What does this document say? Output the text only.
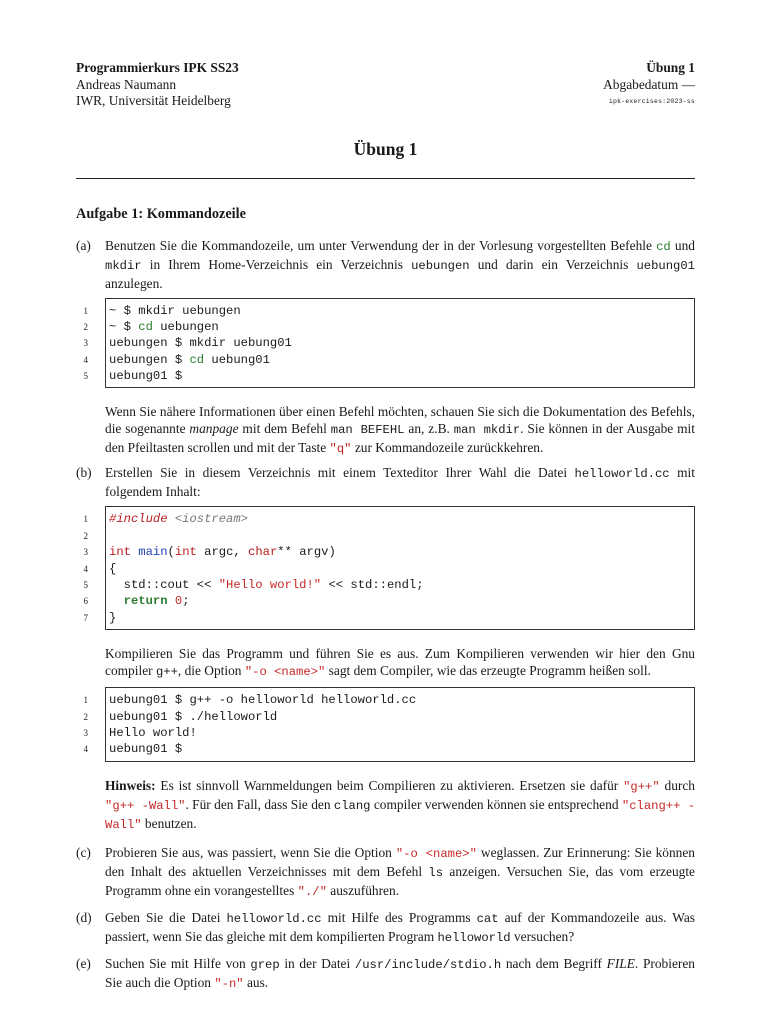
Programmierkurs IPK SS23
Andreas Naumann
IWR, Universität Heidelberg
Übung 1
Abgabedatum —
ipk-exercises:2023-ss
Übung 1
Aufgabe 1: Kommandozeile
(a)	Benutzen Sie die Kommandozeile, um unter Verwendung der in der Vorlesung vorgestellten Befehle cd und mkdir in Ihrem Home-Verzeichnis ein Verzeichnis uebungen und darin ein Verzeichnis uebung01 anzulegen.
1 ~ $ mkdir uebungen
2 ~ $ cd uebungen
3 uebungen $ mkdir uebung01
4 uebungen $ cd uebung01
5 uebung01 $
Wenn Sie nähere Informationen über einen Befehl möchten, schauen Sie sich die Dokumentation des Befehls, die sogenannte manpage mit dem Befehl man BEFEHL an, z.B. man mkdir. Sie können in der Ausgabe mit den Pfeiltasten scrollen und mit der Taste "q" zur Kommandozeile zurückkehren.
(b) Erstellen Sie in diesem Verzeichnis mit einem Texteditor Ihrer Wahl die Datei helloworld.cc mit folgendem Inhalt:
1 #include <iostream>
2
3 int main(int argc, char** argv)
4 {
5 std::cout << "Hello world!" << std::endl;
6	return 0;
7 }
Kompilieren Sie das Programm und führen Sie es aus. Zum Kompilieren verwenden wir hier den Gnu compiler g++, die Option "-o <name>" sagt dem Compiler, wie das erzeugte Programm heißen soll.
1 uebung01 $ g++ -o helloworld helloworld.cc
2 uebung01 $ ./helloworld
3 Hello world!
4 uebung01 $
Hinweis: Es ist sinnvoll Warnmeldungen beim Compilieren zu aktivieren. Ersetzen sie dafür "g++" durch "g++ -Wall". Für den Fall, dass Sie den clang compiler verwenden können sie entsprechend "clang++ -Wall" benutzen.
(c)	Probieren Sie aus, was passiert, wenn Sie die Option "-o <name>" weglassen. Zur Erinnerung: Sie können den Inhalt des aktuellen Verzeichnisses mit dem Befehl ls anzeigen. Versuchen Sie, das vom erzeugte Programm ohne ein vorangestelltes "./" auszuführen.
(d) Geben Sie die Datei helloworld.cc mit Hilfe des Programms cat auf der Kommandozeile aus. Was passiert, wenn Sie das gleiche mit dem kompilierten Program helloworld versuchen?
(e)	Suchen Sie mit Hilfe von grep in der Datei /usr/include/stdio.h nach dem Begriff FILE. Probieren Sie auch die Option "-n" aus.
